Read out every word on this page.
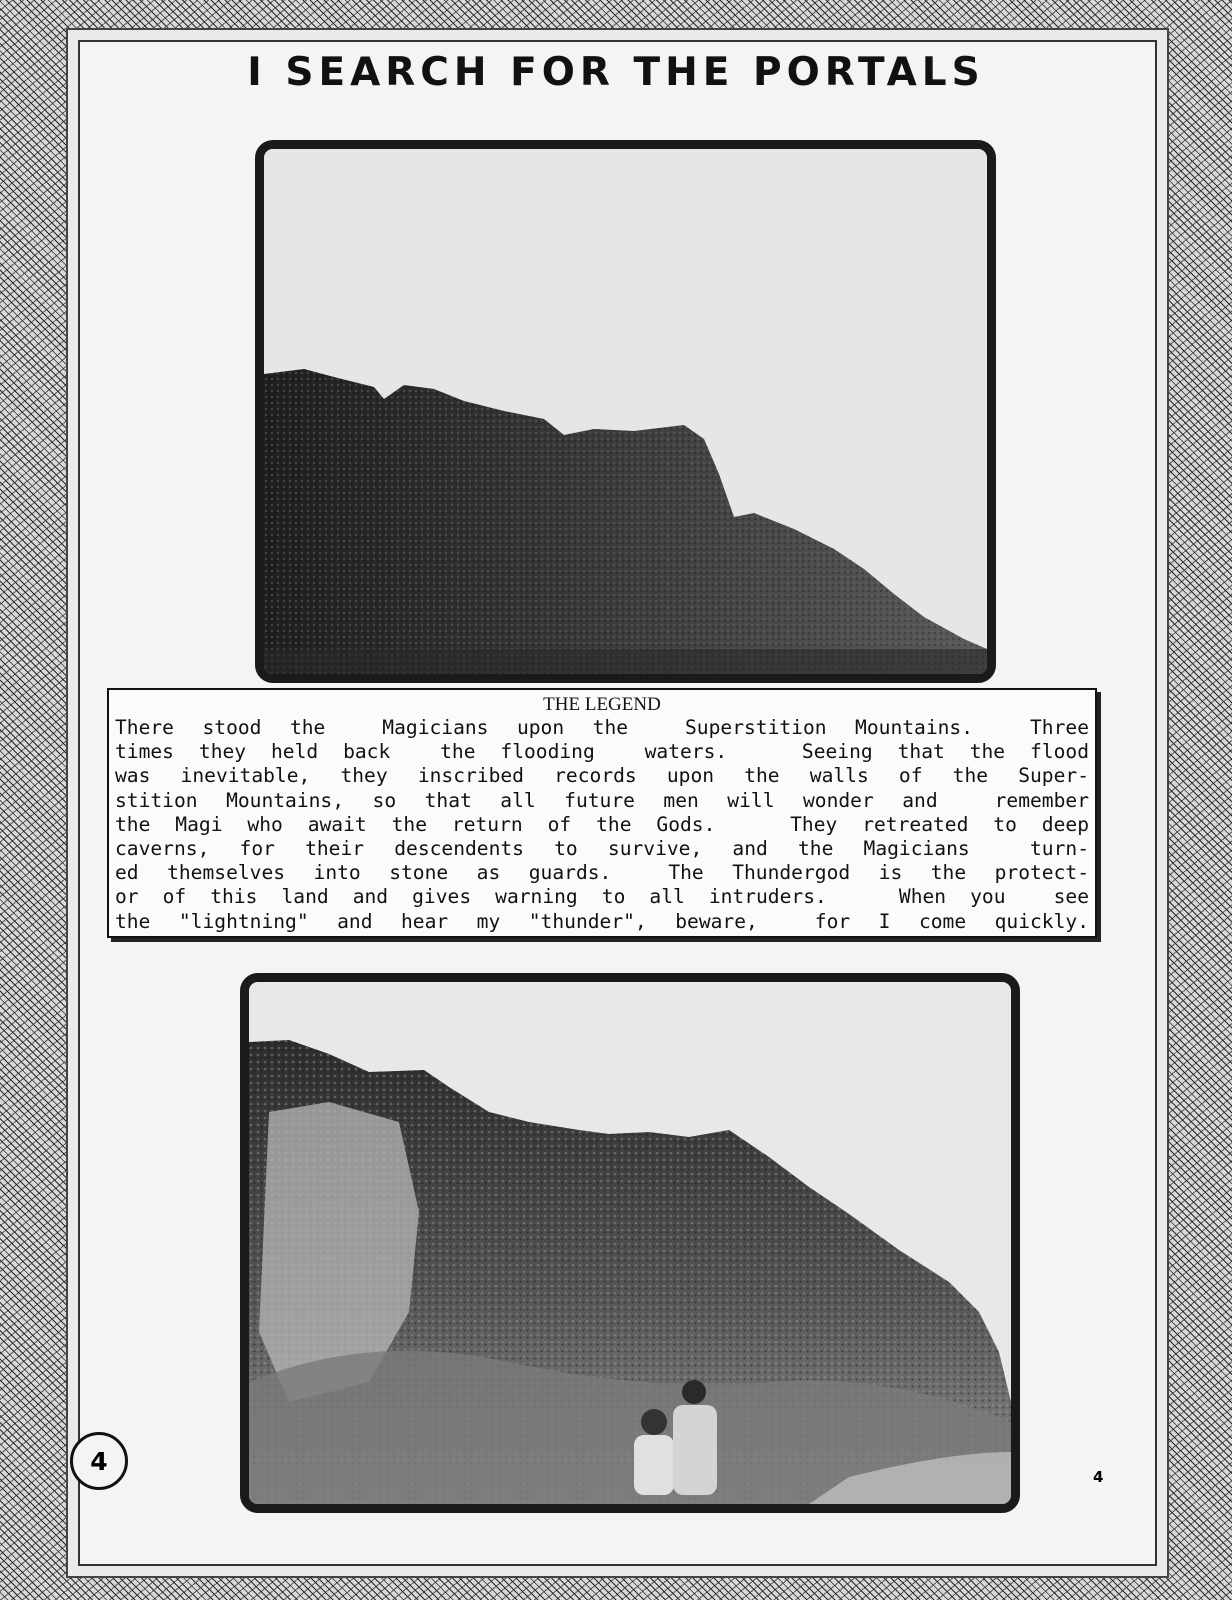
I SEARCH FOR THE PORTALS
THE LEGEND
There stood the  Magicians upon the  Superstition Mountains.  Three
times they held back  the flooding  waters.   Seeing that the flood
was inevitable, they inscribed records upon the walls of the Super-
stition Mountains, so that all future men will wonder and  remember
the Magi who await the return of the Gods.   They retreated to deep
caverns, for their descendents to survive, and the Magicians  turn-
ed themselves into stone as guards.  The Thundergod is the protect-
or of this land and gives warning to all intruders.   When you  see
the "lightning" and hear my "thunder", beware,  for I come quickly.
4
4
